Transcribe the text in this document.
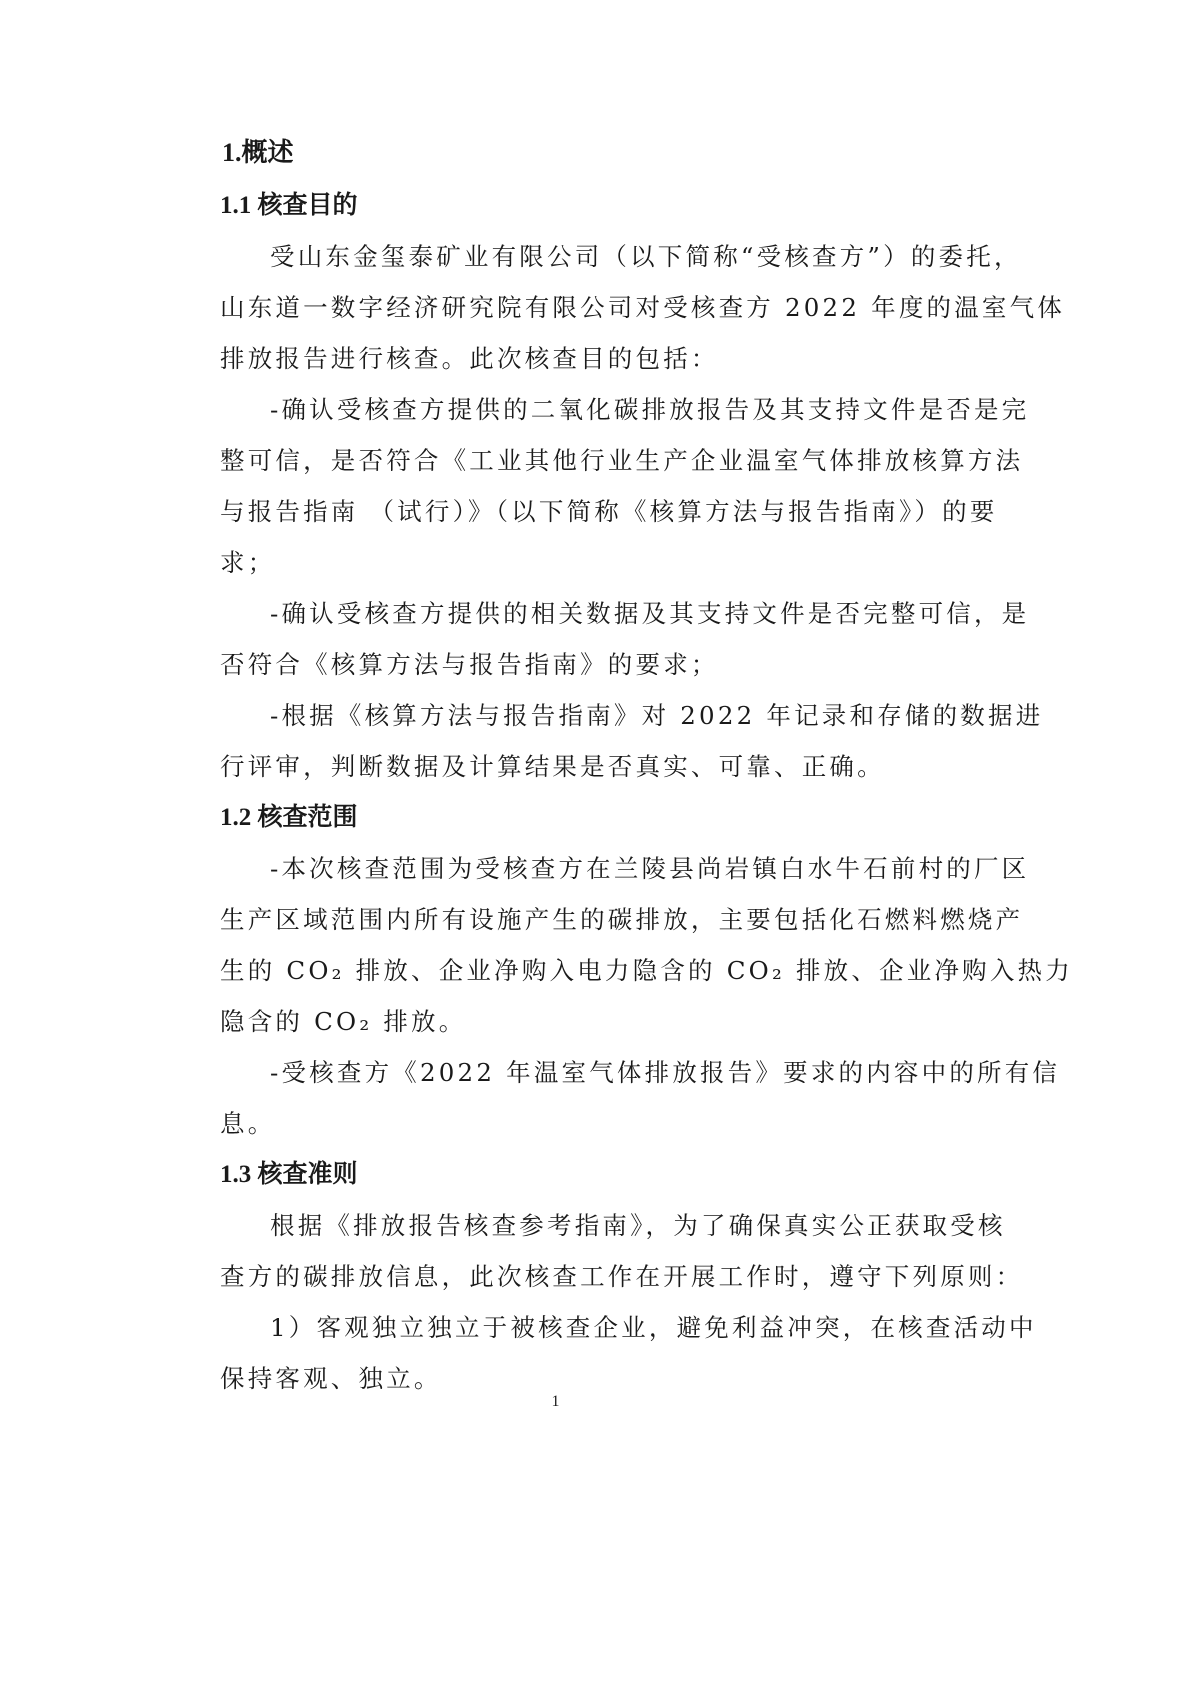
1.概述
1.1 核查目的
受山东金玺泰矿业有限公司（以下简称“受核查方”）的委托，
山东道一数字经济研究院有限公司对受核查方 2022 年度的温室气体
排放报告进行核查。此次核查目的包括：
-确认受核查方提供的二氧化碳排放报告及其支持文件是否是完
整可信，是否符合《工业其他行业生产企业温室气体排放核算方法
与报告指南 （试行）》（以下简称《核算方法与报告指南》）的要
求；
-确认受核查方提供的相关数据及其支持文件是否完整可信，是
否符合《核算方法与报告指南》的要求；
-根据《核算方法与报告指南》对 2022 年记录和存储的数据进
行评审，判断数据及计算结果是否真实、可靠、正确。
1.2 核查范围
-本次核查范围为受核查方在兰陵县尚岩镇白水牛石前村的厂区
生产区域范围内所有设施产生的碳排放，主要包括化石燃料燃烧产
生的 CO₂ 排放、企业净购入电力隐含的 CO₂ 排放、企业净购入热力
隐含的 CO₂ 排放。
-受核查方《2022 年温室气体排放报告》要求的内容中的所有信
息。
1.3 核查准则
根据《排放报告核查参考指南》，为了确保真实公正获取受核
查方的碳排放信息，此次核查工作在开展工作时，遵守下列原则：
1）客观独立独立于被核查企业，避免利益冲突，在核查活动中
保持客观、独立。
1
